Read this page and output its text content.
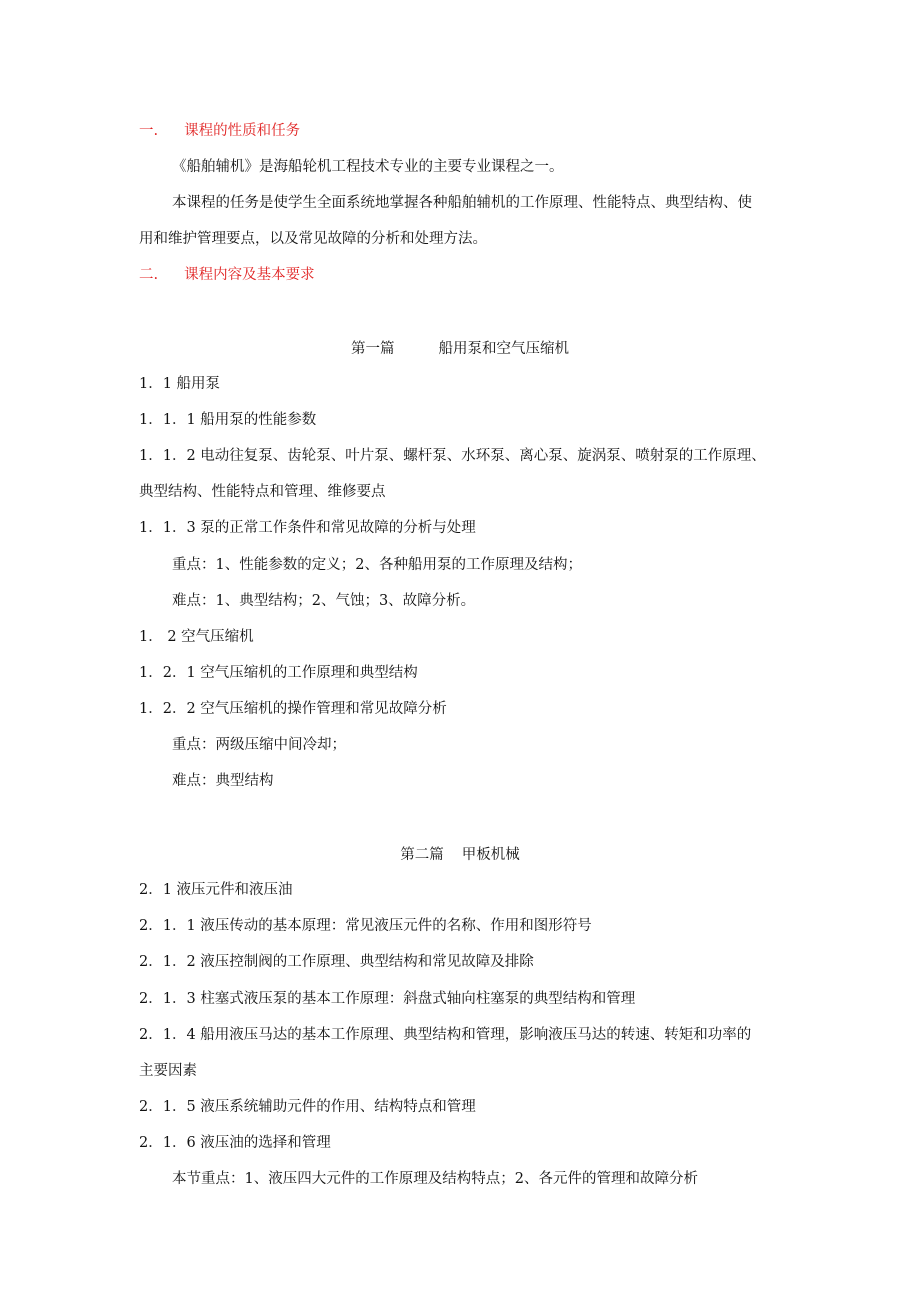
一. 课程的性质和任务
《船舶辅机》是海船轮机工程技术专业的主要专业课程之一。
本课程的任务是使学生全面系统地掌握各种船舶辅机的工作原理、性能特点、典型结构、使
用和维护管理要点，以及常见故障的分析和处理方法。
二. 课程内容及基本要求
第一篇	船用泵和空气压缩机
1．1 船用泵
1．1．1 船用泵的性能参数
1．1．2 电动往复泵、齿轮泵、叶片泵、螺杆泵、水环泵、离心泵、旋涡泵、喷射泵的工作原理、
典型结构、性能特点和管理、维修要点
1．1．3 泵的正常工作条件和常见故障的分析与处理
重点：1、性能参数的定义；2、各种船用泵的工作原理及结构；
难点：1、典型结构；2、气蚀；3、故障分析。
1． 2 空气压缩机
1．2．1 空气压缩机的工作原理和典型结构
1．2．2 空气压缩机的操作管理和常见故障分析
重点：两级压缩中间冷却；
难点：典型结构
第二篇 甲板机械
2．1 液压元件和液压油
2．1．1 液压传动的基本原理：常见液压元件的名称、作用和图形符号
2．1．2 液压控制阀的工作原理、典型结构和常见故障及排除
2．1．3 柱塞式液压泵的基本工作原理：斜盘式轴向柱塞泵的典型结构和管理
2．1．4 船用液压马达的基本工作原理、典型结构和管理，影响液压马达的转速、转矩和功率的
主要因素
2．1．5 液压系统辅助元件的作用、结构特点和管理
2．1．6 液压油的选择和管理
本节重点：1、液压四大元件的工作原理及结构特点；2、各元件的管理和故障分析
